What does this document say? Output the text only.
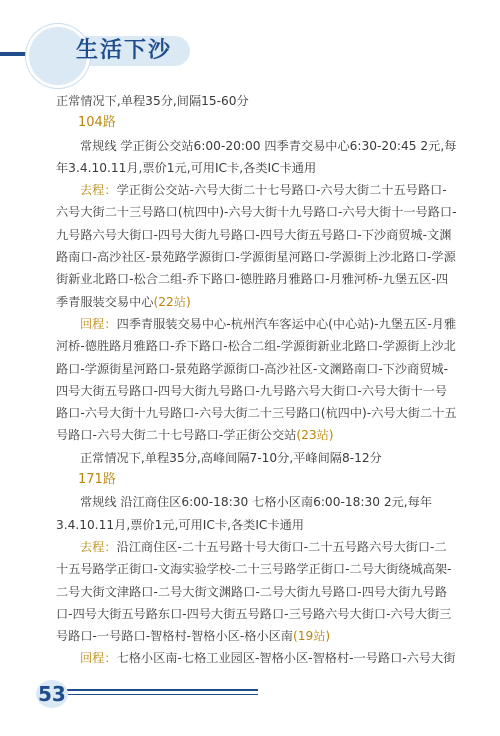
生活下沙

正常情况下,单程35分,间隔15-60分

104路

常规线 学正街公交站6:00-20:00 四季青交易中心6:30-20:45 2元,每年3.4.10.11月,票价1元,可用IC卡,各类IC卡通用

去程：学正街公交站-六号大街二十七号路口-六号大街二十五号路口-六号大街二十三号路口(杭四中)-六号大街十九号路口-六号大街十一号路口-九号路六号大街口-四号大街九号路口-四号大街五号路口-下沙商贸城-文渊路南口-高沙社区-景苑路学源街口-学源街星河路口-学源街上沙北路口-学源街新业北路口-松合二组-乔下路口-德胜路月雅路口-月雅河桥-九堡五区-四季青服装交易中心(22站)

回程：四季青服装交易中心-杭州汽车客运中心(中心站)-九堡五区-月雅河桥-德胜路月雅路口-乔下路口-松合二组-学源街新业北路口-学源街上沙北路口-学源街星河路口-景苑路学源街口-高沙社区-文渊路南口-下沙商贸城-四号大街五号路口-四号大街九号路口-九号路六号大街口-六号大街十一号路口-六号大街十九号路口-六号大街二十三号路口(杭四中)-六号大街二十五号路口-六号大街二十七号路口-学正街公交站(23站)

正常情况下,单程35分,高峰间隔7-10分,平峰间隔8-12分

171路

常规线 沿江商住区6:00-18:30 七格小区南6:00-18:30 2元,每年3.4.10.11月,票价1元,可用IC卡,各类IC卡通用

去程：沿江商住区-二十五号路十号大街口-二十五号路六号大街口-二十五号路学正街口-文海实验学校-二十三号路学正街口-二号大街绕城高架-二号大街文津路口-二号大街文渊路口-二号大街九号路口-四号大街九号路口-四号大街五号路东口-四号大街五号路口-三号路六号大街口-六号大街三号路口-一号路口-智格村-智格小区-格小区南(19站)

回程：七格小区南-七格工业园区-智格小区-智格村-一号路口-六号大街

53
